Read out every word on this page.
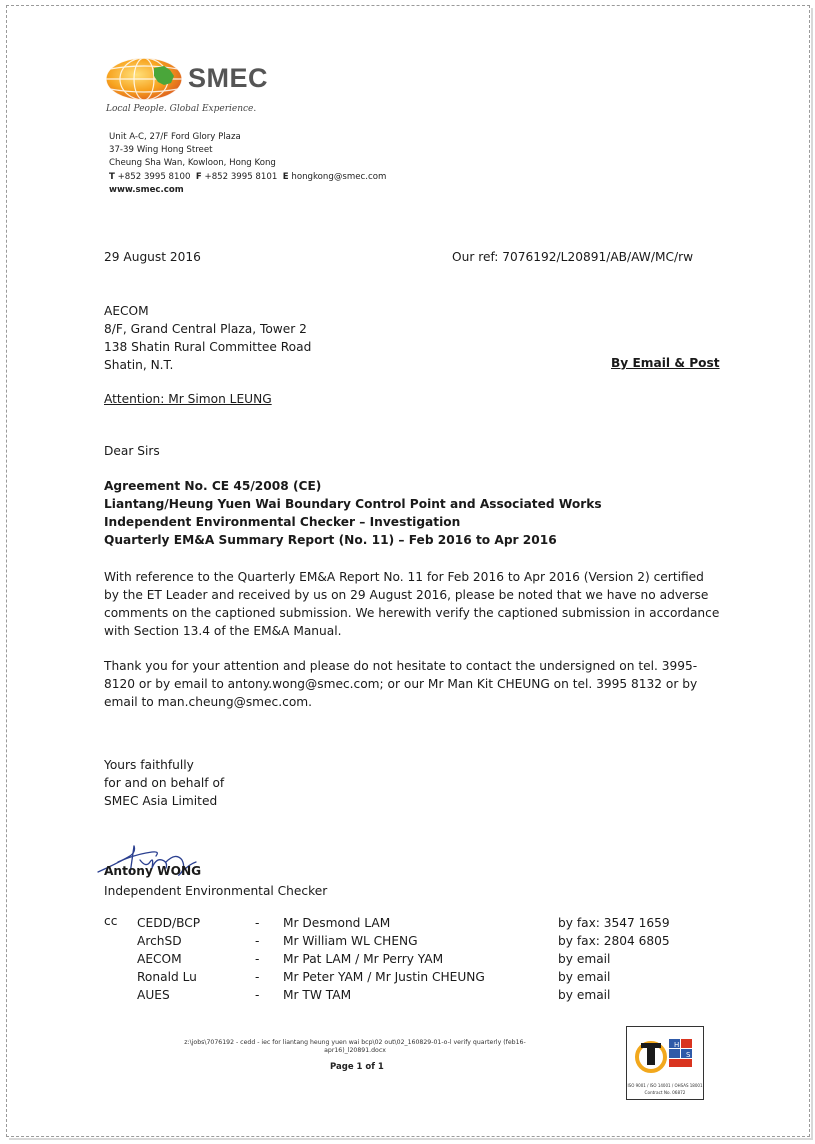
SMEC
Local People. Global Experience.
Unit A-C, 27/F Ford Glory Plaza
37-39 Wing Hong Street
Cheung Sha Wan, Kowloon, Hong Kong
T +852 3995 8100 F +852 3995 8101 E hongkong@smec.com
www.smec.com
29 August 2016	Our ref: 7076192/L20891/AB/AW/MC/rw
AECOM
8/F, Grand Central Plaza, Tower 2
138 Shatin Rural Committee Road
Shatin, N.T.	By Email & Post
Attention: Mr Simon LEUNG
Dear Sirs
Agreement No. CE 45/2008 (CE)
Liantang/Heung Yuen Wai Boundary Control Point and Associated Works
Independent Environmental Checker – Investigation
Quarterly EM&A Summary Report (No. 11) – Feb 2016 to Apr 2016
With reference to the Quarterly EM&A Report No. 11 for Feb 2016 to Apr 2016 (Version 2) certified
by the ET Leader and received by us on 29 August 2016, please be noted that we have no adverse
comments on the captioned submission. We herewith verify the captioned submission in accordance
with Section 13.4 of the EM&A Manual.
Thank you for your attention and please do not hesitate to contact the undersigned on tel. 3995-
8120 or by email to antony.wong@smec.com; or our Mr Man Kit CHEUNG on tel. 3995 8132 or by
email to man.cheung@smec.com.
Yours faithfully
for and on behalf of
SMEC Asia Limited
Antony WONG
Independent Environmental Checker
cc CEDD/BCP	- Mr Desmond LAM	by fax: 3547 1659
ArchSD	- Mr William WL CHENG	by fax: 2804 6805
AECOM	- Mr Pat LAM / Mr Perry YAM	by email
Ronald Lu	- Mr Peter YAM / Mr Justin CHEUNG	by email
AUES	- Mr TW TAM	by email
z:\jobs\7076192 - cedd - iec for liantang heung yuen wai bcp\02 out\02_160829-01-o-l verify quarterly (feb16-apr16)_l20891.docx
Page 1 of 1
H
S
ISO 9001 / ISO 14001 / OHSAS 18001
Contract No. 06872
